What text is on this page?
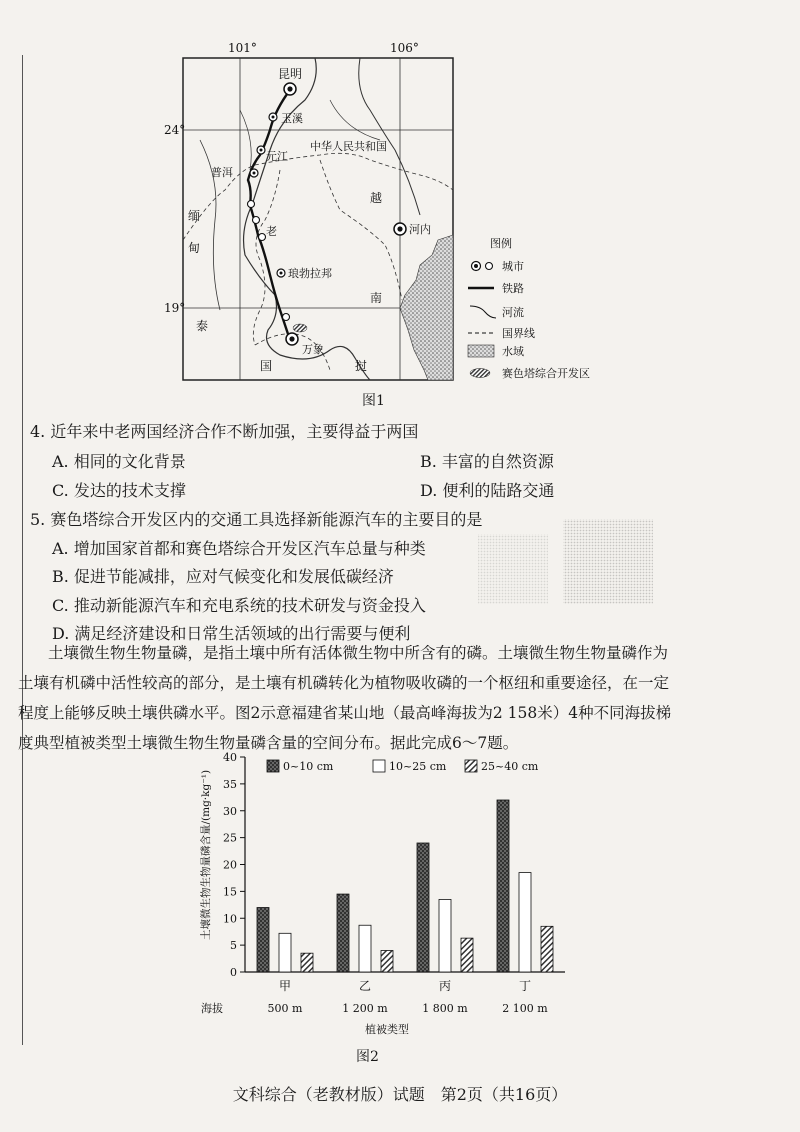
101°	106°
24°
19°
昆明
玉溪
元江
普洱
河内
琅勃拉邦
万象
中华人民共和国
越
南
缅
甸
老
泰
国	挝
图例
城市
铁路
河流
国界线
水域
赛色塔综合开发区
图1
4. 近年来中老两国经济合作不断加强，主要得益于两国
A. 相同的文化背景	B. 丰富的自然资源
C. 发达的技术支撑	D. 便利的陆路交通
5. 赛色塔综合开发区内的交通工具选择新能源汽车的主要目的是
A. 增加国家首都和赛色塔综合开发区汽车总量与种类
B. 促进节能减排，应对气候变化和发展低碳经济
C. 推动新能源汽车和充电系统的技术研发与资金投入
D. 满足经济建设和日常生活领域的出行需要与便利
土壤微生物生物量磷，是指土壤中所有活体微生物中所含有的磷。土壤微生物生物量磷作为
土壤有机磷中活性较高的部分，是土壤有机磷转化为植物吸收磷的一个枢纽和重要途径，在一定
程度上能够反映土壤供磷水平。图2示意福建省某山地（最高峰海拔为2 158米）4种不同海拔梯
度典型植被类型土壤微生物生物量磷含量的空间分布。据此完成6～7题。
0
5
10
15
20
25
30
35
40
甲
500 m
乙
1 200 m
丙
1 800 m
丁
2 100 m
海拔
0~10 cm	10~25 cm	25~40 cm
土壤微生物生物量磷含量/(mg·kg⁻¹)
植被类型
图2
文科综合（老教材版）试题　第2页（共16页）
